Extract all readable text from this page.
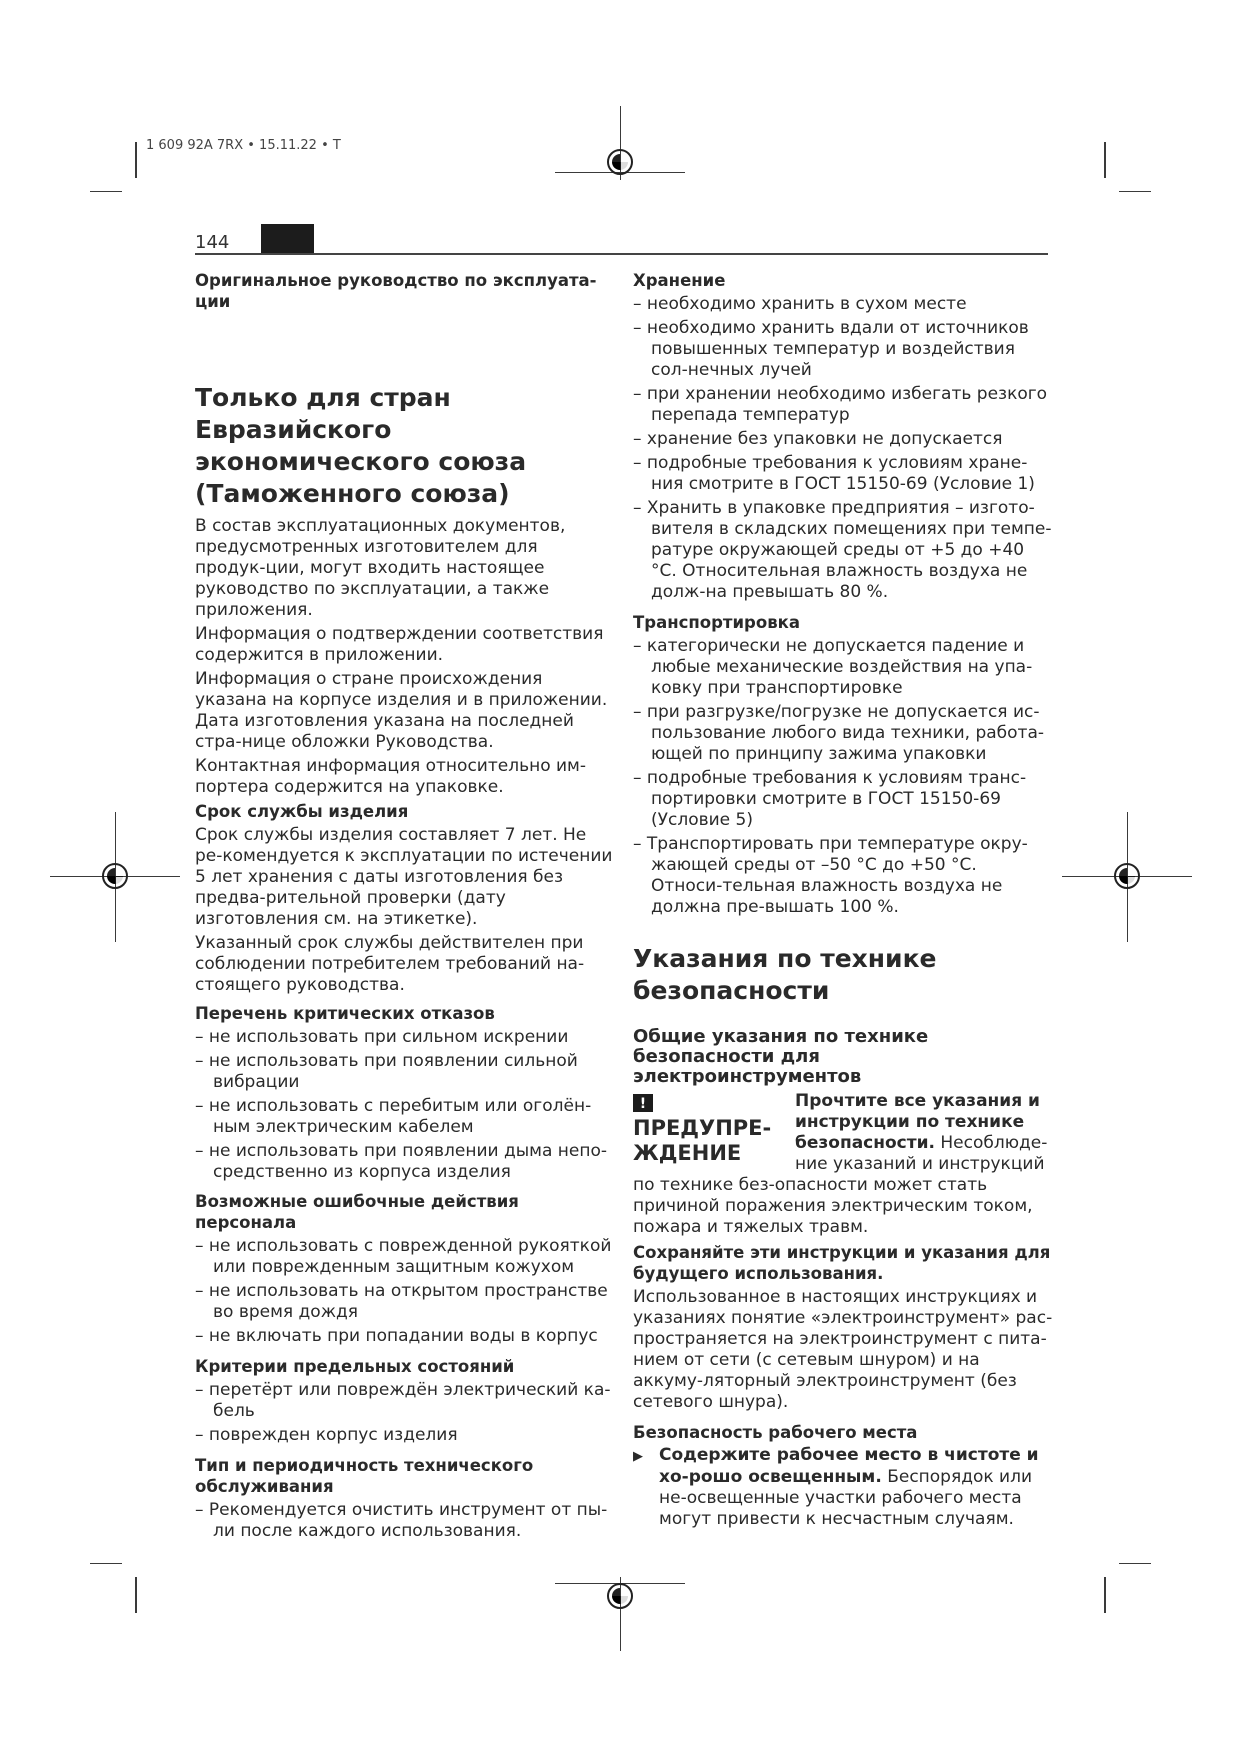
1 609 92A 7RX • 15.11.22 • T
144

Оригинальное руководство по эксплуата-ции

Только для стран Евразийского экономического союза (Таможенного союза)

В состав эксплуатационных документов, предусмотренных изготовителем для продук-ции, могут входить настоящее руководство по эксплуатации, а также приложения.

Информация о подтверждении соответствия содержится в приложении.

Информация о стране происхождения указана на корпусе изделия и в приложении.

Дата изготовления указана на последней стра-нице обложки Руководства.

Контактная информация относительно им-портера содержится на упаковке.

Срок службы изделия

Срок службы изделия составляет 7 лет. Не ре-комендуется к эксплуатации по истечении 5 лет хранения с даты изготовления без предва-рительной проверки (дату изготовления см. на этикетке).

Указанный срок службы действителен при соблюдении потребителем требований на-стоящего руководства.

Перечень критических отказов

– не использовать при сильном искрении

– не использовать при появлении сильной вибрации

– не использовать с перебитым или оголён-ным электрическим кабелем

– не использовать при появлении дыма непо-средственно из корпуса изделия

Возможные ошибочные действия персонала

– не использовать с поврежденной рукояткой или поврежденным защитным кожухом

– не использовать на открытом пространстве во время дождя

– не включать при попадании воды в корпус

Критерии предельных состояний

– перетёрт или повреждён электрический ка-бель

– поврежден корпус изделия

Тип и периодичность технического обслуживания

– Рекомендуется очистить инструмент от пы-ли после каждого использования.

Хранение

– необходимо хранить в сухом месте

– необходимо хранить вдали от источников повышенных температур и воздействия сол-нечных лучей

– при хранении необходимо избегать резкого перепада температур

– хранение без упаковки не допускается

– подробные требования к условиям хране-ния смотрите в ГОСТ 15150-69 (Условие 1)

– Хранить в упаковке предприятия – изгото-вителя в складских помещениях при темпе-ратуре окружающей среды от +5 до +40 °C. Относительная влажность воздуха не долж-на превышать 80 %.

Транспортировка

– категорически не допускается падение и любые механические воздействия на упа-ковку при транспортировке

– при разгрузке/погрузке не допускается ис-пользование любого вида техники, работа-ющей по принципу зажима упаковки

– подробные требования к условиям транс-портировки смотрите в ГОСТ 15150-69 (Условие 5)

– Транспортировать при температуре окру-жающей среды от –50 °C до +50 °C. Относи-тельная влажность воздуха не должна пре-вышать 100 %.

Указания по технике безопасности

Общие указания по технике безопасности для электроинструментов

!ПРЕДУПРЕ-ЖДЕНИЕ

Прочтите все указания и инструкции по технике безопасности. Несоблюде-ние указаний и инструкций по технике без-опасности может стать причиной поражения электрическим током, пожара и тяжелых травм.

Сохраняйте эти инструкции и указания для будущего использования.

Использованное в настоящих инструкциях и указаниях понятие «электроинструмент» рас-пространяется на электроинструмент с пита-нием от сети (с сетевым шнуром) и на аккуму-ляторный электроинструмент (без сетевого шнура).

Безопасность рабочего места

▶ Содержите рабочее место в чистоте и хо-рошо освещенным. Беспорядок или не-освещенные участки рабочего места могут привести к несчастным случаям.
